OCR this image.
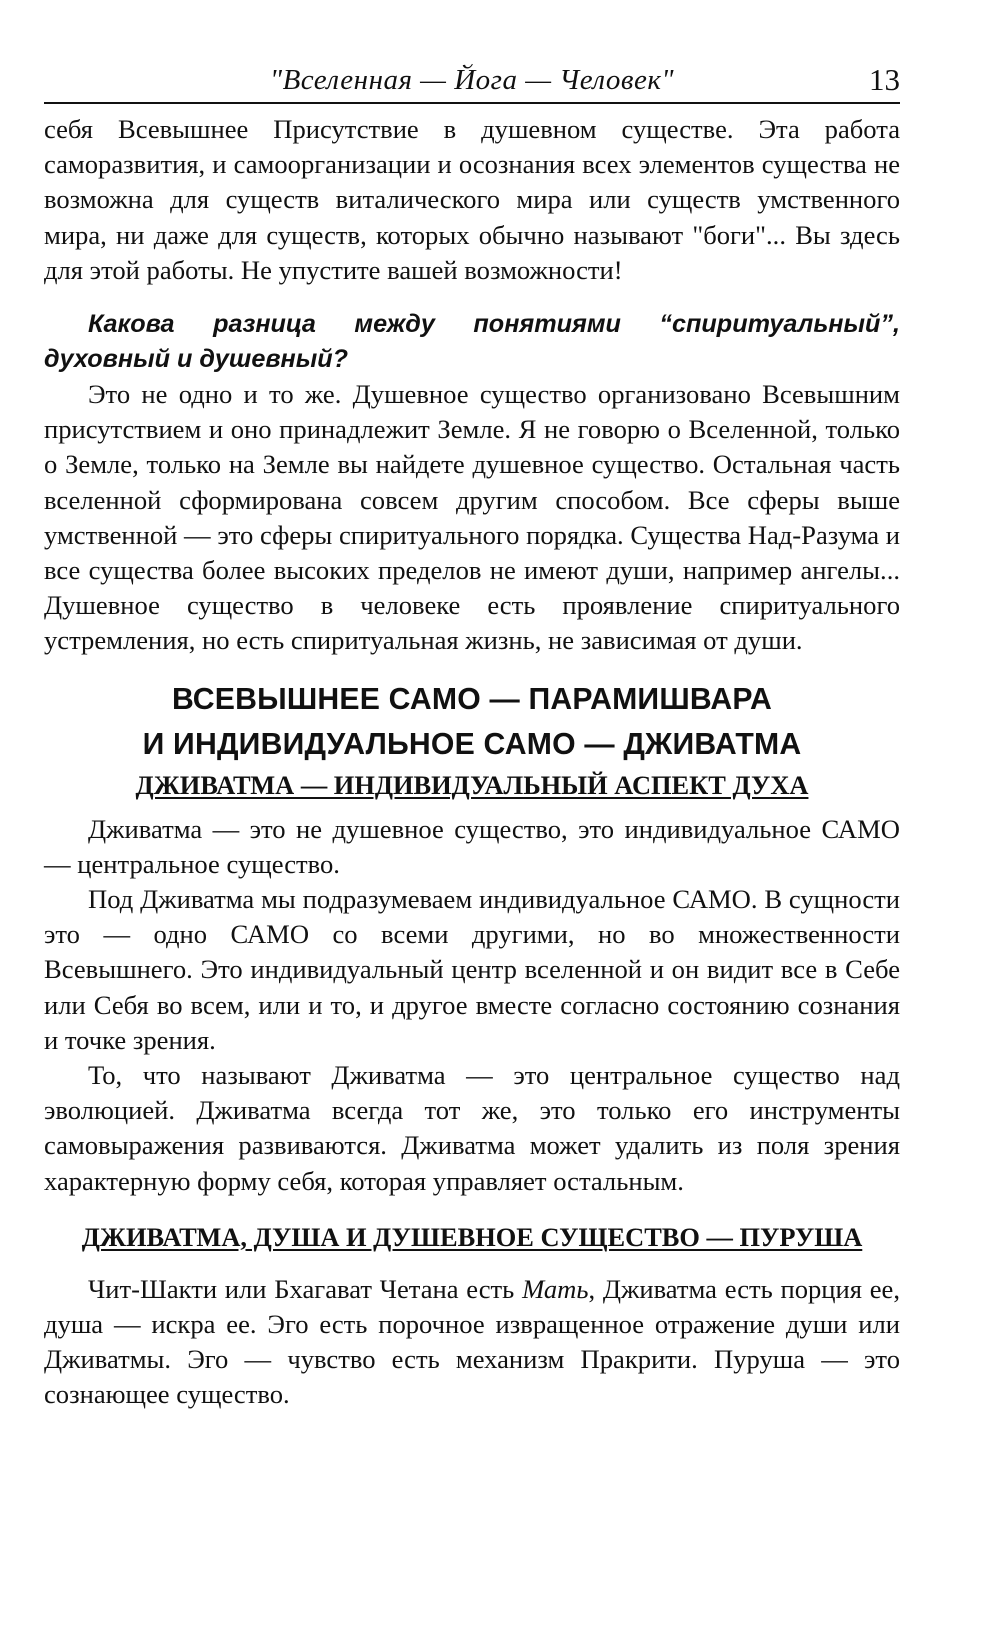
"Вселенная — Йога — Человек"	13

себя Всевышнее Присутствие в душевном существе. Эта работа саморазвития, и самоорганизации и осознания всех элементов существа не возможна для существ виталического мира или существ умственного мира, ни даже для существ, которых обычно называют "боги"... Вы здесь для этой работы. Не упустите вашей возможности!

Какова разница между понятиями “спиритуальный”, духовный и душевный?

Это не одно и то же. Душевное существо организовано Всевышним присутствием и оно принадлежит Земле. Я не говорю о Вселенной, только о Земле, только на Земле вы найдете душевное существо. Остальная часть вселенной сформирована совсем другим способом. Все сферы выше умственной — это сферы спиритуального порядка. Существа Над-Разума и все существа более высоких пределов не имеют души, например ангелы... Душевное существо в человеке есть проявление спиритуального устремления, но есть спиритуальная жизнь, не зависимая от души.

ВСЕВЫШНЕЕ САМО — ПАРАМИШВАРА
И ИНДИВИДУАЛЬНОЕ САМО — ДЖИВАТМА
ДЖИВАТМА — ИНДИВИДУАЛЬНЫЙ АСПЕКТ ДУХА

Дживатма — это не душевное существо, это индивидуальное САМО — центральное существо.

Под Дживатма мы подразумеваем индивидуальное САМО. В сущности это — одно САМО со всеми другими, но во множественности Всевышнего. Это индивидуальный центр вселенной и он видит все в Себе или Себя во всем, или и то, и другое вместе согласно состоянию сознания и точке зрения.

То, что называют Дживатма — это центральное существо над эволюцией. Дживатма всегда тот же, это только его инструменты самовыражения развиваются. Дживатма может удалить из поля зрения характерную форму себя, которая управляет остальным.

ДЖИВАТМА, ДУША И ДУШЕВНОЕ СУЩЕСТВО — ПУРУША

Чит-Шакти или Бхагават Четана есть Мать, Дживатма есть порция ее, душа — искра ее. Эго есть порочное извращенное отражение души или Дживатмы. Эго — чувство есть механизм Пракрити. Пуруша — это сознающее существо.
